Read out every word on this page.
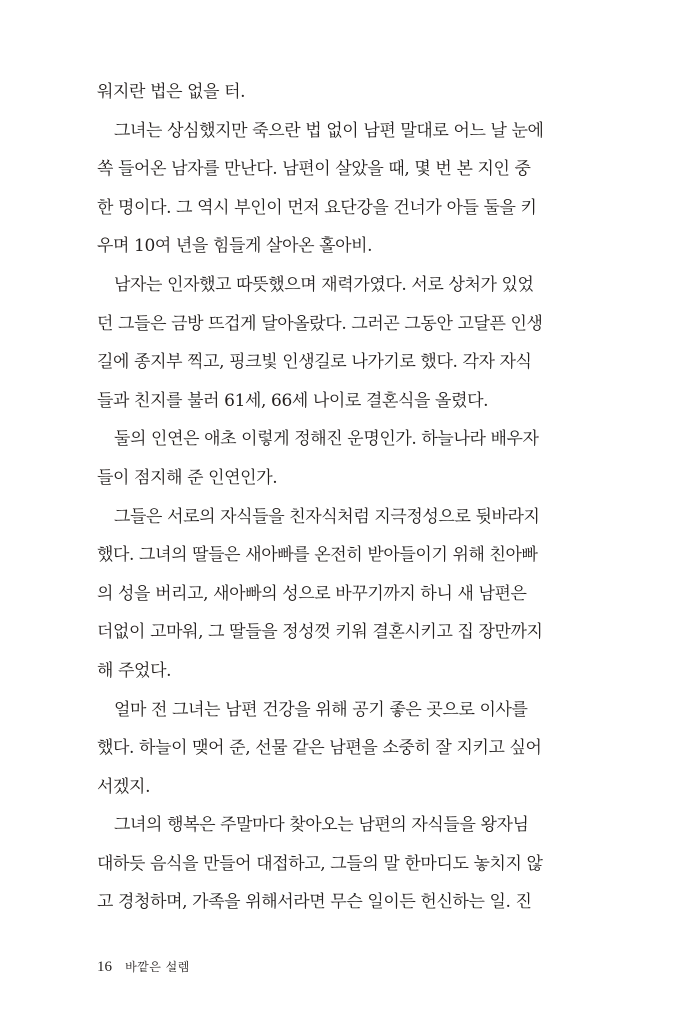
워지란 법은 없을 터.
그녀는 상심했지만 죽으란 법 없이 남편 말대로 어느 날 눈에
쏙 들어온 남자를 만난다. 남편이 살았을 때, 몇 번 본 지인 중
한 명이다. 그 역시 부인이 먼저 요단강을 건너가 아들 둘을 키
우며 10여 년을 힘들게 살아온 홀아비.
남자는 인자했고 따뜻했으며 재력가였다. 서로 상처가 있었
던 그들은 금방 뜨겁게 달아올랐다. 그러곤 그동안 고달픈 인생
길에 종지부 찍고, 핑크빛 인생길로 나가기로 했다. 각자 자식
들과 친지를 불러 61세, 66세 나이로 결혼식을 올렸다.
둘의 인연은 애초 이렇게 정해진 운명인가. 하늘나라 배우자
들이 점지해 준 인연인가.
그들은 서로의 자식들을 친자식처럼 지극정성으로 뒷바라지
했다. 그녀의 딸들은 새아빠를 온전히 받아들이기 위해 친아빠
의 성을 버리고, 새아빠의 성으로 바꾸기까지 하니 새 남편은
더없이 고마워, 그 딸들을 정성껏 키워 결혼시키고 집 장만까지
해 주었다.
얼마 전 그녀는 남편 건강을 위해 공기 좋은 곳으로 이사를
했다. 하늘이 맺어 준, 선물 같은 남편을 소중히 잘 지키고 싶어
서겠지.
그녀의 행복은 주말마다 찾아오는 남편의 자식들을 왕자님
대하듯 음식을 만들어 대접하고, 그들의 말 한마디도 놓치지 않
고 경청하며, 가족을 위해서라면 무슨 일이든 헌신하는 일. 진
16 바깥은 설렘
